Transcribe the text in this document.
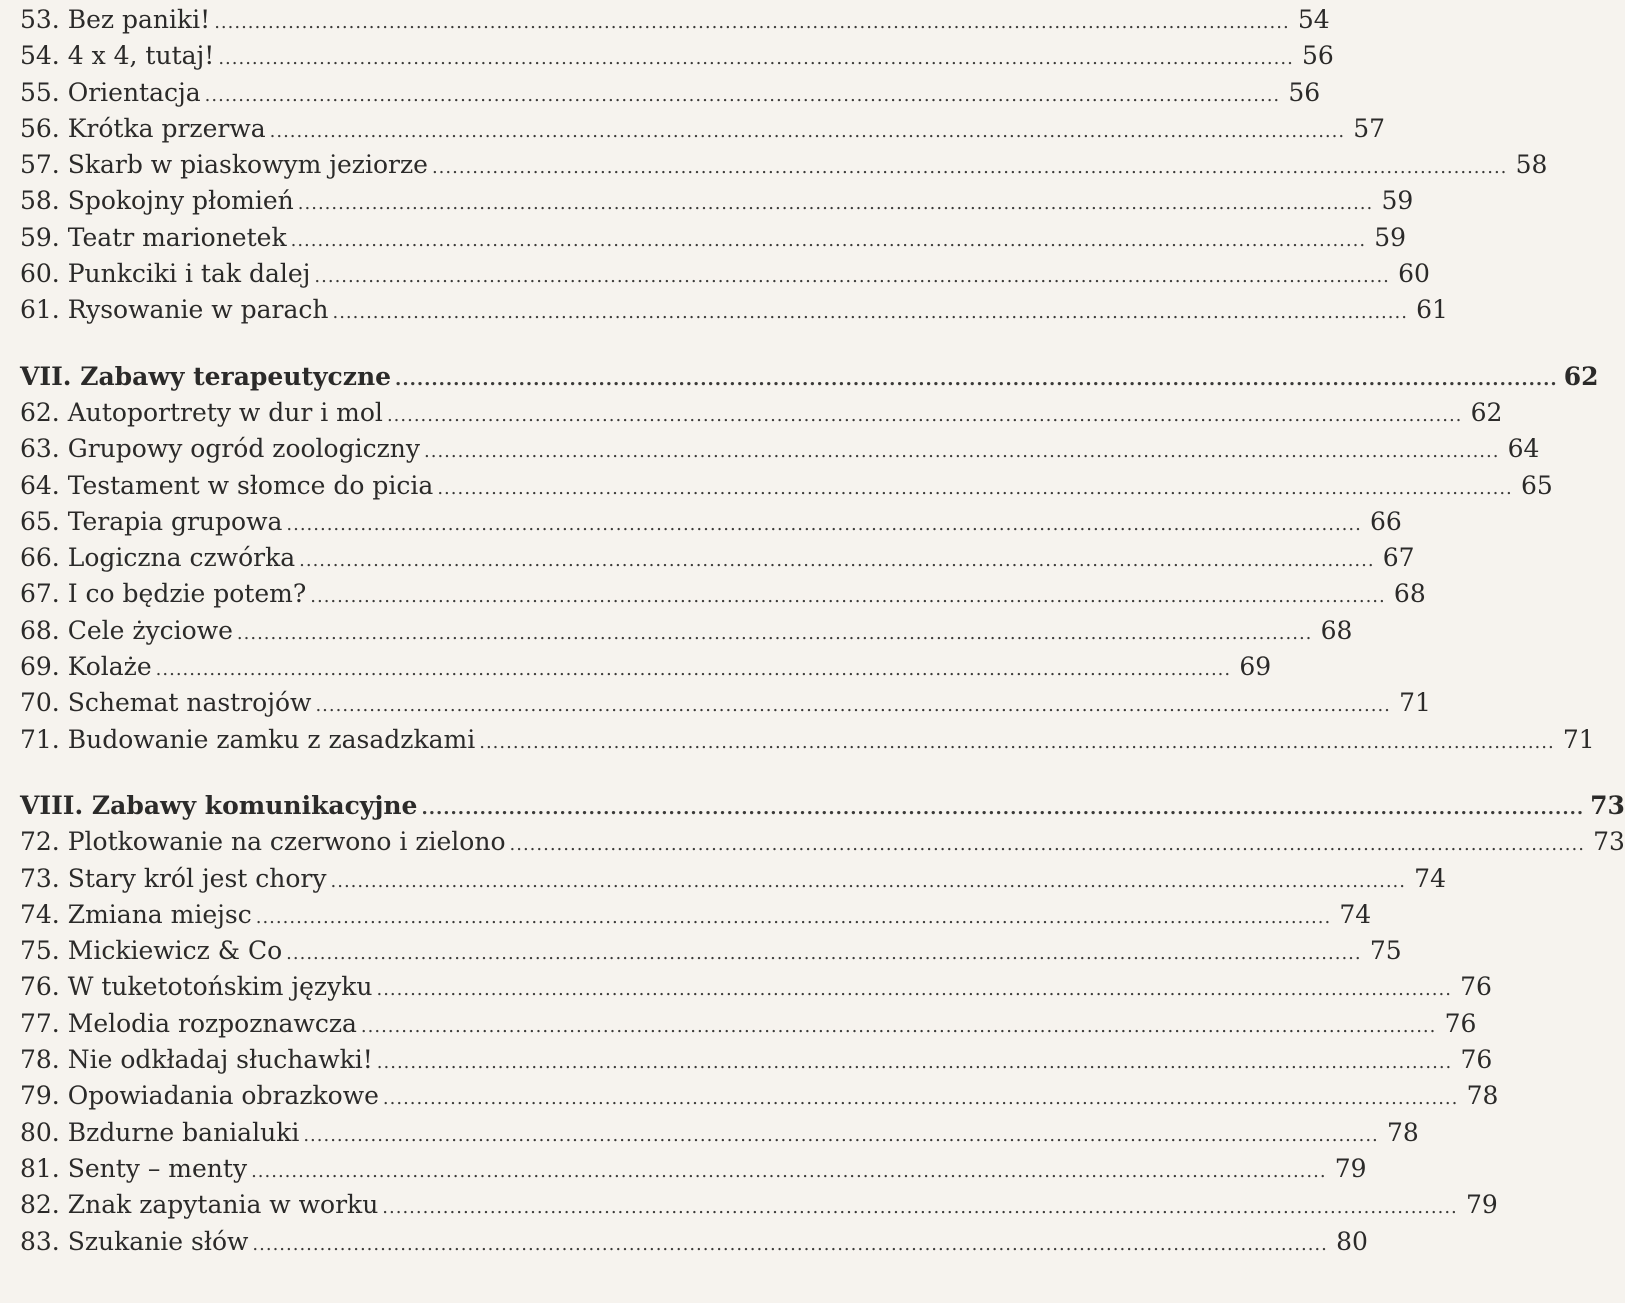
53. Bez paniki! ................................................................................................................................................................ 54
54. 4 x 4, tutaj! ................................................................................................................................................................ 56
55. Orientacja ................................................................................................................................................................ 56
56. Krótka przerwa ................................................................................................................................................................ 57
57. Skarb w piaskowym jeziorze ................................................................................................................................................................ 58
58. Spokojny płomień ................................................................................................................................................................ 59
59. Teatr marionetek ................................................................................................................................................................ 59
60. Punkciki i tak dalej ................................................................................................................................................................ 60
61. Rysowanie w parach ................................................................................................................................................................ 61
VII. Zabawy terapeutyczne ................................................................................................................................................................ 62
62. Autoportrety w dur i mol ................................................................................................................................................................ 62
63. Grupowy ogród zoologiczny ................................................................................................................................................................ 64
64. Testament w słomce do picia ................................................................................................................................................................ 65
65. Terapia grupowa ................................................................................................................................................................ 66
66. Logiczna czwórka ................................................................................................................................................................ 67
67. I co będzie potem? ................................................................................................................................................................ 68
68. Cele życiowe ................................................................................................................................................................ 68
69. Kolaże ................................................................................................................................................................ 69
70. Schemat nastrojów ................................................................................................................................................................ 71
71. Budowanie zamku z zasadzkami ................................................................................................................................................................ 71
VIII. Zabawy komunikacyjne ................................................................................................................................................................ 73
72. Plotkowanie na czerwono i zielono ................................................................................................................................................................ 73
73. Stary król jest chory ................................................................................................................................................................ 74
74. Zmiana miejsc ................................................................................................................................................................ 74
75. Mickiewicz & Co ................................................................................................................................................................ 75
76. W tuketotońskim języku ................................................................................................................................................................ 76
77. Melodia rozpoznawcza ................................................................................................................................................................ 76
78. Nie odkładaj słuchawki! ................................................................................................................................................................ 76
79. Opowiadania obrazkowe ................................................................................................................................................................ 78
80. Bzdurne banialuki ................................................................................................................................................................ 78
81. Senty – menty ................................................................................................................................................................ 79
82. Znak zapytania w worku ................................................................................................................................................................ 79
83. Szukanie słów ................................................................................................................................................................ 80
